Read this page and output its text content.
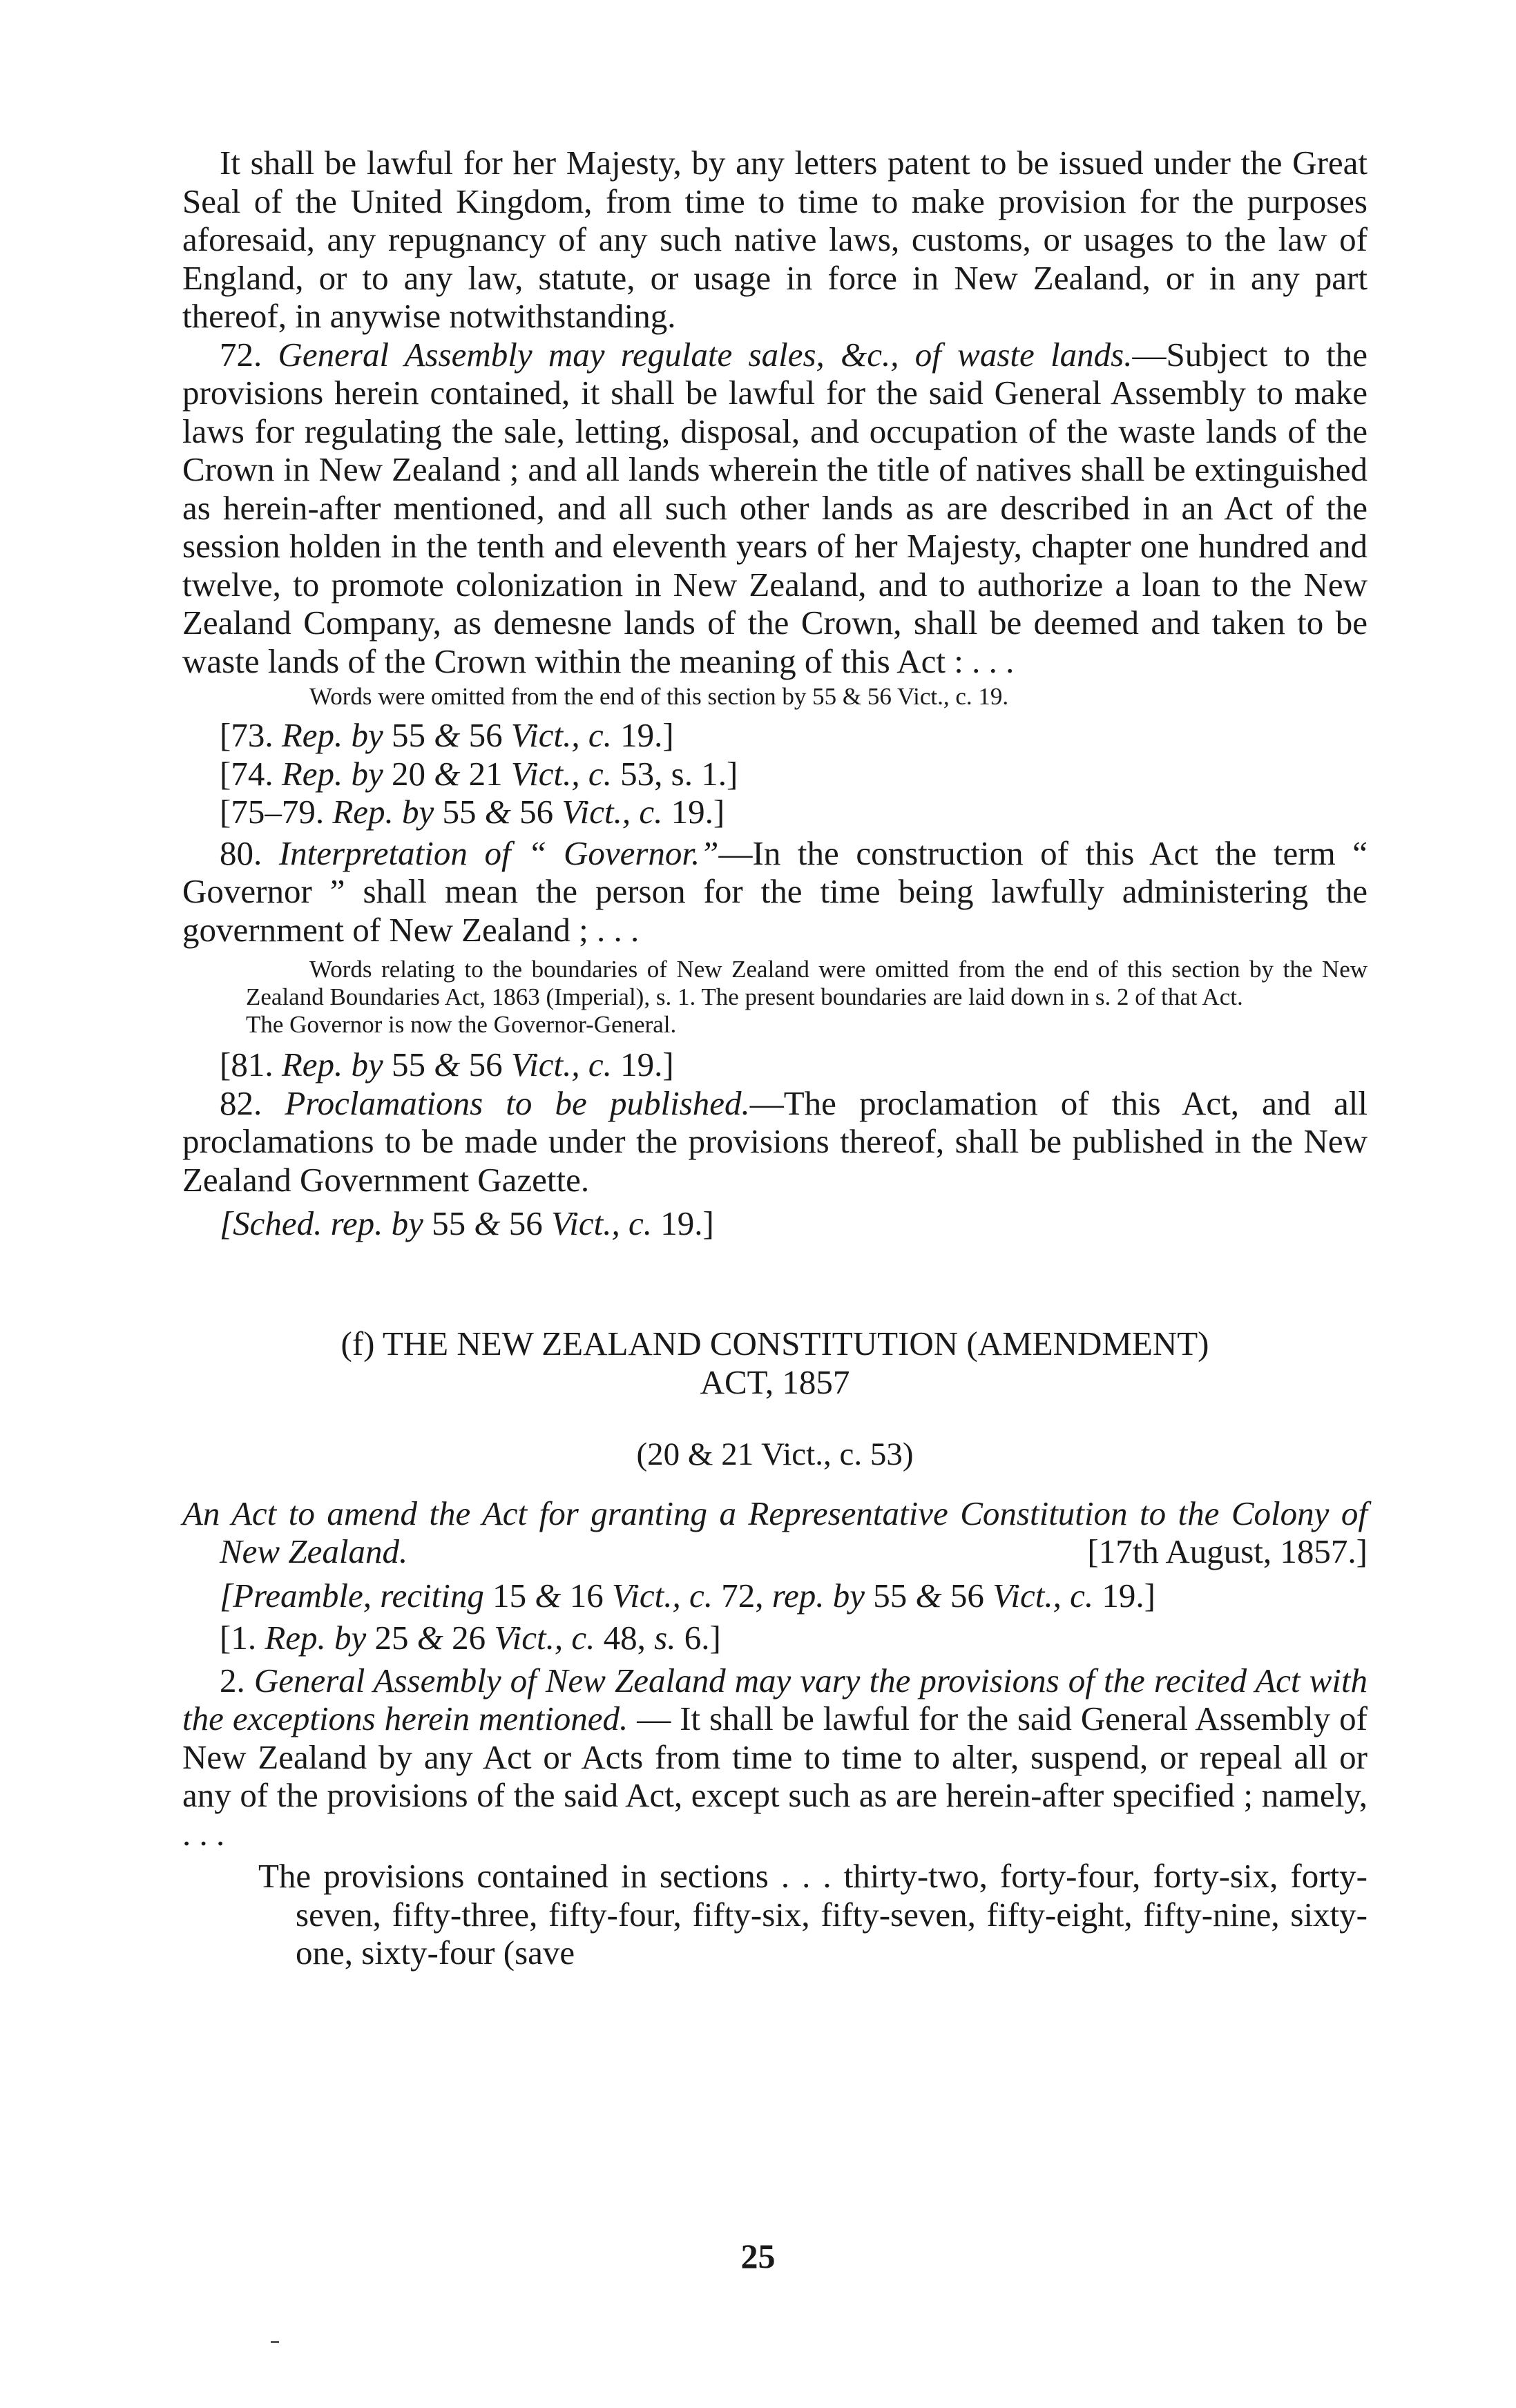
It shall be lawful for her Majesty, by any letters patent to be issued under the Great Seal of the United Kingdom, from time to time to make provision for the purposes aforesaid, any repugnancy of any such native laws, customs, or usages to the law of England, or to any law, statute, or usage in force in New Zealand, or in any part thereof, in anywise notwithstanding.

72. General Assembly may regulate sales, &c., of waste lands.—Subject to the provisions herein contained, it shall be lawful for the said General Assembly to make laws for regulating the sale, letting, disposal, and occupation of the waste lands of the Crown in New Zealand ; and all lands wherein the title of natives shall be extinguished as herein-after mentioned, and all such other lands as are described in an Act of the session holden in the tenth and eleventh years of her Majesty, chapter one hundred and twelve, to promote colonization in New Zealand, and to authorize a loan to the New Zealand Company, as demesne lands of the Crown, shall be deemed and taken to be waste lands of the Crown within the meaning of this Act : . . .

Words were omitted from the end of this section by 55 & 56 Vict., c. 19.

[73. Rep. by 55 & 56 Vict., c. 19.]

[74. Rep. by 20 & 21 Vict., c. 53, s. 1.]

[75–79. Rep. by 55 & 56 Vict., c. 19.]

80. Interpretation of “ Governor.”—In the construction of this Act the term “ Governor ” shall mean the person for the time being lawfully administering the government of New Zealand ; . . .

Words relating to the boundaries of New Zealand were omitted from the end of this section by the New Zealand Boundaries Act, 1863 (Imperial), s. 1. The present boundaries are laid down in s. 2 of that Act.

The Governor is now the Governor-General.

[81. Rep. by 55 & 56 Vict., c. 19.]

82. Proclamations to be published.—The proclamation of this Act, and all proclamations to be made under the provisions thereof, shall be published in the New Zealand Government Gazette.

[Sched. rep. by 55 & 56 Vict., c. 19.]

(f) THE NEW ZEALAND CONSTITUTION (AMENDMENT)

ACT, 1857

(20 & 21 Vict., c. 53)

An Act to amend the Act for granting a Representative Constitution to the Colony of New Zealand.	[17th August, 1857.]

[Preamble, reciting 15 & 16 Vict., c. 72, rep. by 55 & 56 Vict., c. 19.]

[1. Rep. by 25 & 26 Vict., c. 48, s. 6.]

2. General Assembly of New Zealand may vary the provisions of the recited Act with the exceptions herein mentioned. — It shall be lawful for the said General Assembly of New Zealand by any Act or Acts from time to time to alter, suspend, or repeal all or any of the provisions of the said Act, except such as are herein-after specified ; namely, . . .

The provisions contained in sections . . . thirty-two, forty-four, forty-six, forty-seven, fifty-three, fifty-four, fifty-six, fifty-seven, fifty-eight, fifty-nine, sixty-one, sixty-four (save

25
